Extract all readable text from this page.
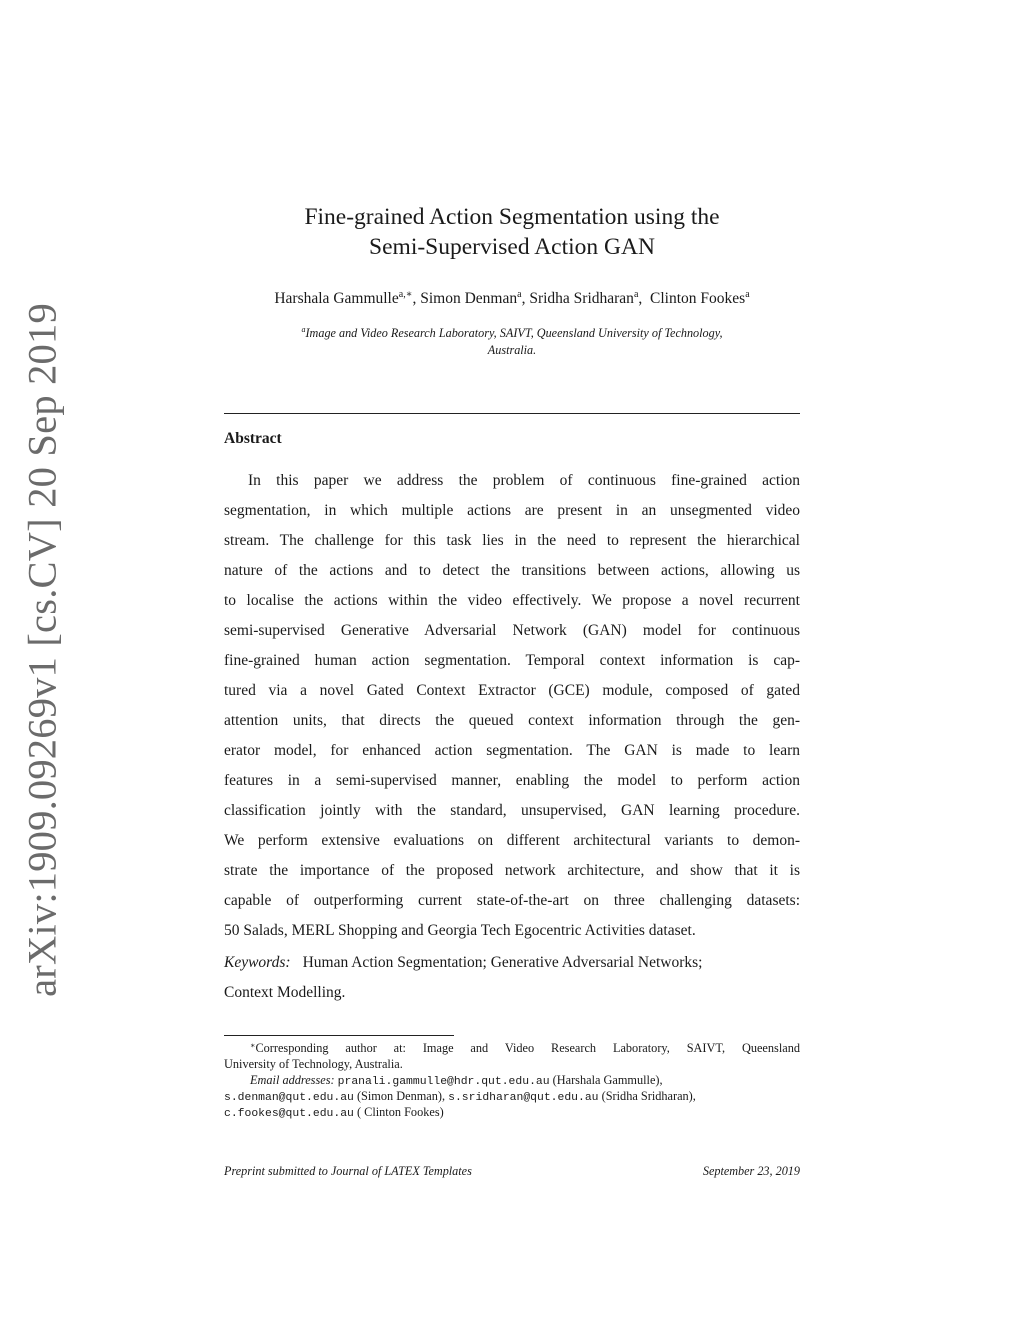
arXiv:1909.09269v1 [cs.CV] 20 Sep 2019
Fine-grained Action Segmentation using the
Semi-Supervised Action GAN
Harshala Gammulle$^{a,∗}$, Simon Denman$^a$, Sridha Sridharan$^a$,  Clinton Fookes$^a$
$^a$Image and Video Research Laboratory, SAIVT, Queensland University of Technology,
Australia.
Abstract
In this paper we address the problem of continuous fine-grained action
segmentation, in which multiple actions are present in an unsegmented video
stream. The challenge for this task lies in the need to represent the hierarchical
nature of the actions and to detect the transitions between actions, allowing us
to localise the actions within the video effectively. We propose a novel recurrent
semi-supervised Generative Adversarial Network (GAN) model for continuous
fine-grained human action segmentation. Temporal context information is cap-
tured via a novel Gated Context Extractor (GCE) module, composed of gated
attention units, that directs the queued context information through the gen-
erator model, for enhanced action segmentation. The GAN is made to learn
features in a semi-supervised manner, enabling the model to perform action
classification jointly with the standard, unsupervised, GAN learning procedure.
We perform extensive evaluations on different architectural variants to demon-
strate the importance of the proposed network architecture, and show that it is
capable of outperforming current state-of-the-art on three challenging datasets:
50 Salads, MERL Shopping and Georgia Tech Egocentric Activities dataset.
Keywords: Human Action Segmentation; Generative Adversarial Networks;
Context Modelling.
∗Corresponding author at: Image and Video Research Laboratory, SAIVT, Queensland
University of Technology, Australia.
Email addresses: pranali.gammulle@hdr.qut.edu.au (Harshala Gammulle),
s.denman@qut.edu.au (Simon Denman), s.sridharan@qut.edu.au (Sridha Sridharan),
c.fookes@qut.edu.au ( Clinton Fookes)
Preprint submitted to Journal of LATEX Templates	September 23, 2019
